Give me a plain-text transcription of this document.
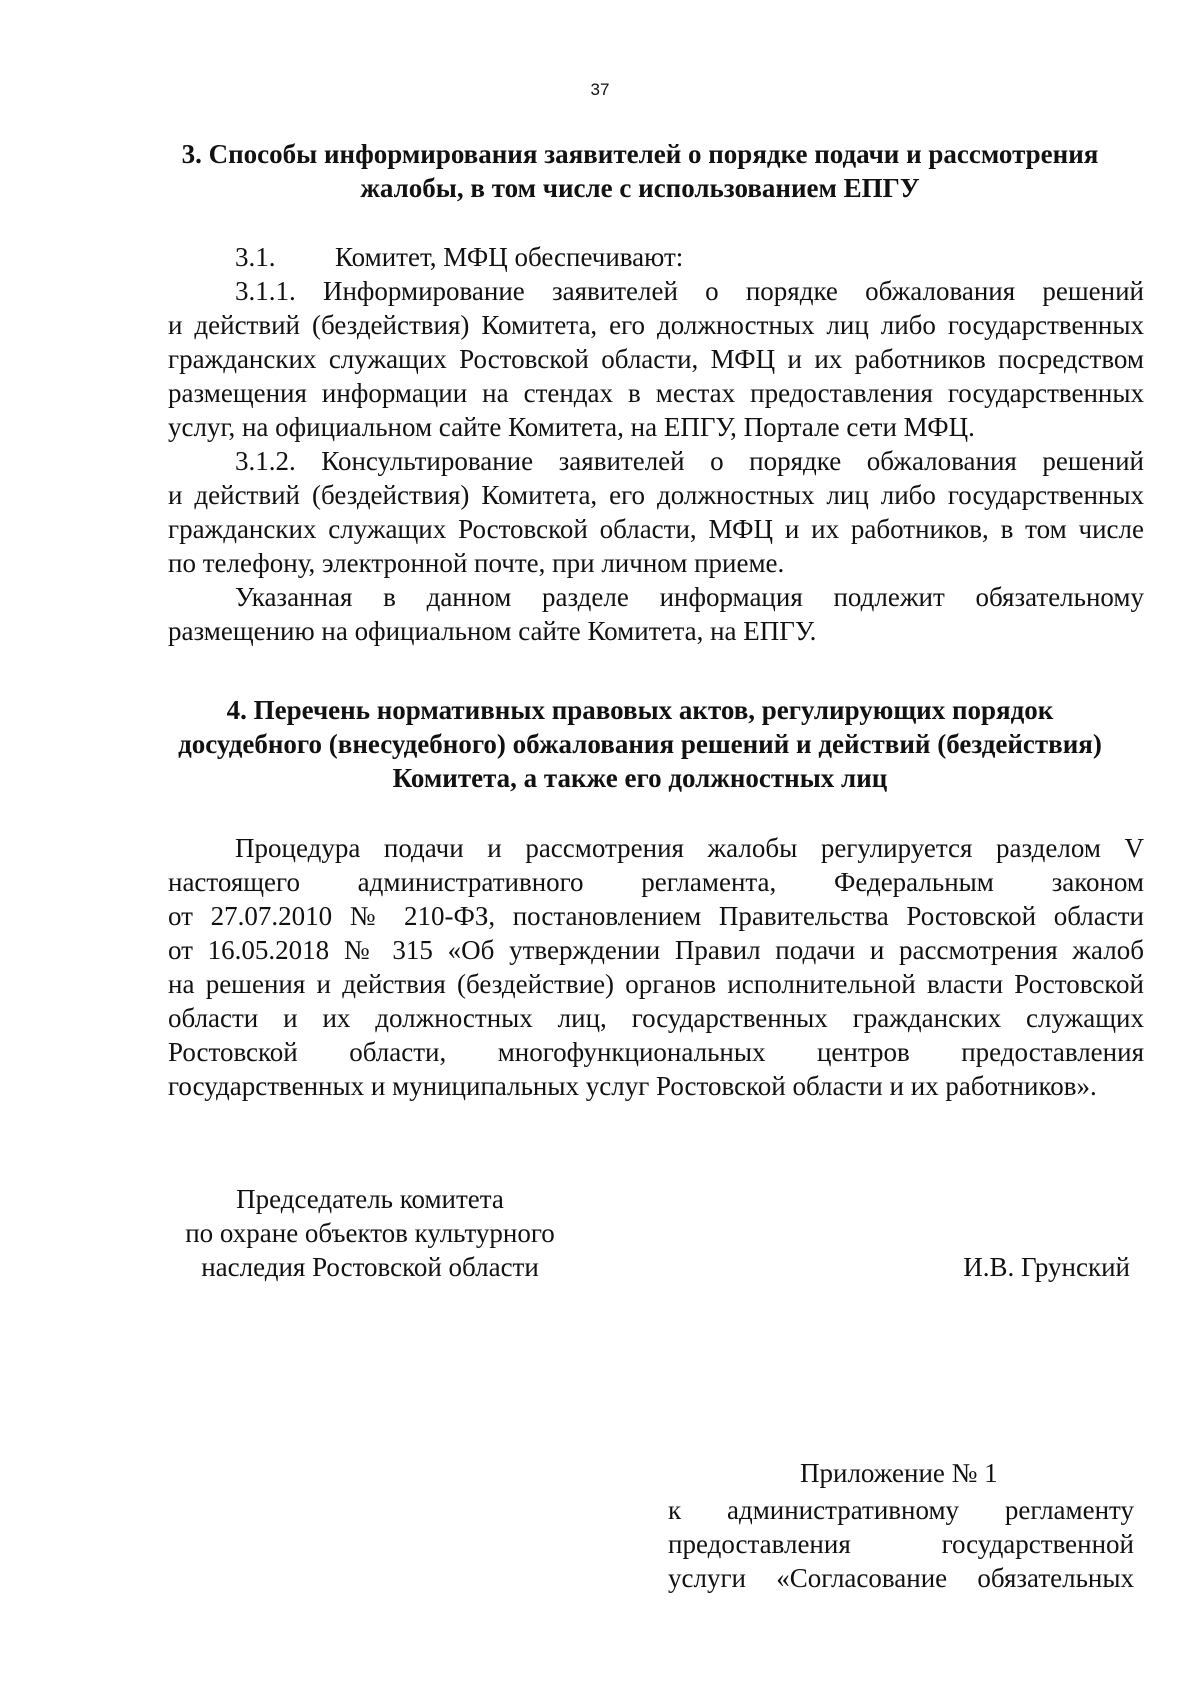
37
3. Способы информирования заявителей о порядке подачи и рассмотрения
жалобы, в том числе с использованием ЕПГУ
3.1. Комитет, МФЦ обеспечивают:
3.1.1. Информирование заявителей о порядке обжалования решений
и действий (бездействия) Комитета, его должностных лиц либо государственных
гражданских служащих Ростовской области, МФЦ и их работников посредством
размещения информации на стендах в местах предоставления государственных
услуг, на официальном сайте Комитета, на ЕПГУ, Портале сети МФЦ.
3.1.2. Консультирование заявителей о порядке обжалования решений
и действий (бездействия) Комитета, его должностных лиц либо государственных
гражданских служащих Ростовской области, МФЦ и их работников, в том числе
по телефону, электронной почте, при личном приеме.
Указанная в данном разделе информация подлежит обязательному
размещению на официальном сайте Комитета, на ЕПГУ.
4. Перечень нормативных правовых актов, регулирующих порядок
досудебного (внесудебного) обжалования решений и действий (бездействия)
Комитета, а также его должностных лиц
Процедура подачи и рассмотрения жалобы регулируется разделом V
настоящего административного регламента, Федеральным законом
от 27.07.2010 № 210-ФЗ, постановлением Правительства Ростовской области
от 16.05.2018 № 315 «Об утверждении Правил подачи и рассмотрения жалоб
на решения и действия (бездействие) органов исполнительной власти Ростовской
области и их должностных лиц, государственных гражданских служащих
Ростовской области, многофункциональных центров предоставления
государственных и муниципальных услуг Ростовской области и их работников».
Председатель комитета
по охране объектов культурного
наследия Ростовской области	И.В. Грунский
Приложение № 1
к административному регламенту
предоставления государственной
услуги «Согласование обязательных
